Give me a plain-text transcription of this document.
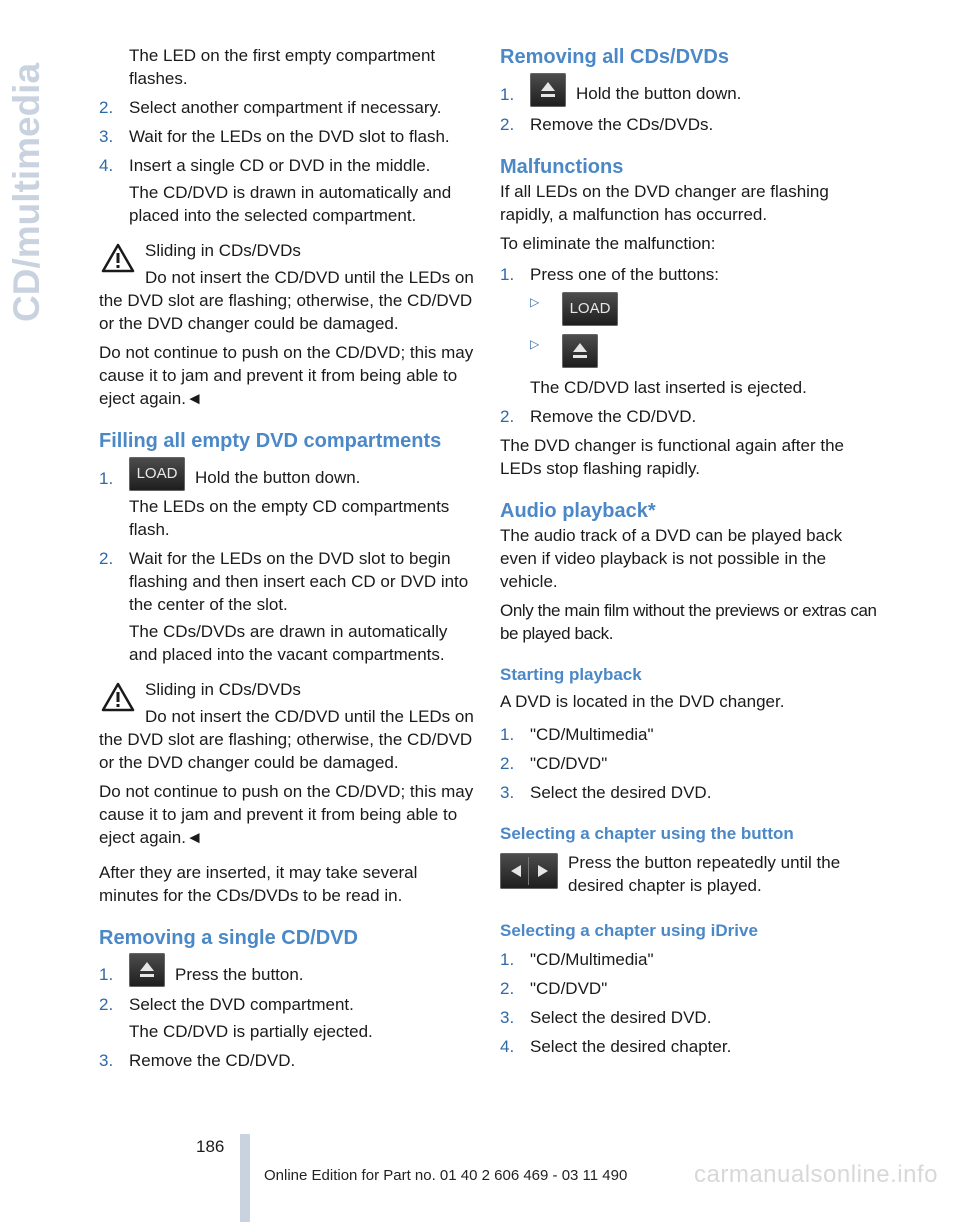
CD/multimedia

The LED on the first empty compartment flashes.

2. Select another compartment if necessary.
3. Wait for the LEDs on the DVD slot to flash.
4. Insert a single CD or DVD in the middle.

The CD/DVD is drawn in automatically and placed into the selected compartment.

Sliding in CDs/DVDs

Do not insert the CD/DVD until the LEDs on the DVD slot are flashing; otherwise, the CD/DVD or the DVD changer could be damaged.

Do not continue to push on the CD/DVD; this may cause it to jam and prevent it from being able to eject again.◄

Filling all empty DVD compartments
1.	LOAD Hold the button down.

The LEDs on the empty CD compartments flash.

2. Wait for the LEDs on the DVD slot to begin flashing and then insert each CD or DVD into the center of the slot.

The CDs/DVDs are drawn in automatically and placed into the vacant compartments.

Sliding in CDs/DVDs

Do not insert the CD/DVD until the LEDs on the DVD slot are flashing; otherwise, the CD/DVD or the DVD changer could be damaged.

Do not continue to push on the CD/DVD; this may cause it to jam and prevent it from being able to eject again.◄

After they are inserted, it may take several minutes for the CDs/DVDs to be read in.

Removing a single CD/DVD
1.	Press the button.
2. Select the DVD compartment.

The CD/DVD is partially ejected.

3. Remove the CD/DVD.
Removing all CDs/DVDs
1.	Hold the button down.
2. Remove the CDs/DVDs.
Malfunctions

If all LEDs on the DVD changer are flashing rapidly, a malfunction has occurred.

To eliminate the malfunction:

1. Press one of the buttons:
▷	LOAD
▷

The CD/DVD last inserted is ejected.

2. Remove the CD/DVD.

The DVD changer is functional again after the LEDs stop flashing rapidly.

Audio playback*

The audio track of a DVD can be played back even if video playback is not possible in the vehicle.

Only the main film without the previews or extras can be played back.

Starting playback

A DVD is located in the DVD changer.

1. "CD/Multimedia"
2. "CD/DVD"
3. Select the desired DVD.
Selecting a chapter using the button

Press the button repeatedly until the desired chapter is played.

Selecting a chapter using iDrive
1. "CD/Multimedia"
2. "CD/DVD"
3. Select the desired DVD.
4. Select the desired chapter.
186
Online Edition for Part no. 01 40 2 606 469 - 03 11 490	carmanualsonline.info
